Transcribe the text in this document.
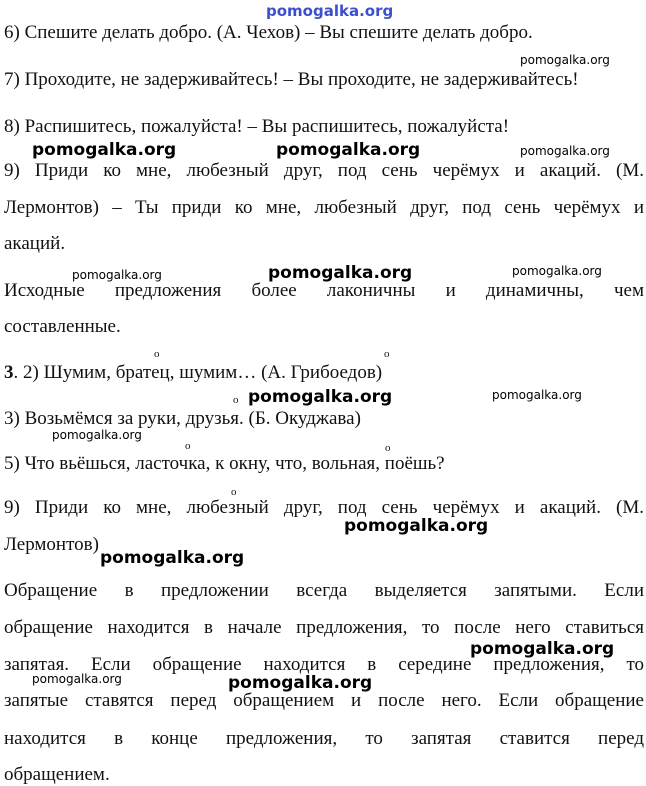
pomogalka.org
6) Спешите делать добро. (А. Чехов) – Вы спешите делать добро.
7) Проходите, не задерживайтесь! – Вы проходите, не задерживайтесь!
8) Распишитесь, пожалуйста! – Вы распишитесь, пожалуйста!
9) Приди ко мне, любезный друг, под сень черёмух и акаций. (М.
Лермонтов) – Ты приди ко мне, любезный друг, под сень черёмух и
акаций.
Исходные предложения более лаконичны и динамичны, чем
составленные.
3. 2) Шумим, братец, шумим… (А. Грибоедов)
3) Возьмёмся за руки, друзья. (Б. Окуджава)
5) Что вьёшься, ласточка, к окну, что, вольная, поёшь?
9) Приди ко мне, любезный друг, под сень черёмух и акаций. (М.
Лермонтов)
Обращение в предложении всегда выделяется запятыми. Если
обращение находится в начале предложения, то после него ставиться
запятая. Если обращение находится в середине предложения, то
запятые ставятся перед обращением и после него. Если обращение
находится в конце предложения, то запятая ставится перед
обращением.
о	о
о
о	о
о
pomogalka.org
pomogalka.org	pomogalka.org	pomogalka.org
pomogalka.org	pomogalka.org	pomogalka.org
pomogalka.org	pomogalka.org
pomogalka.org
pomogalka.org
pomogalka.org
pomogalka.org
pomogalka.org	pomogalka.org
